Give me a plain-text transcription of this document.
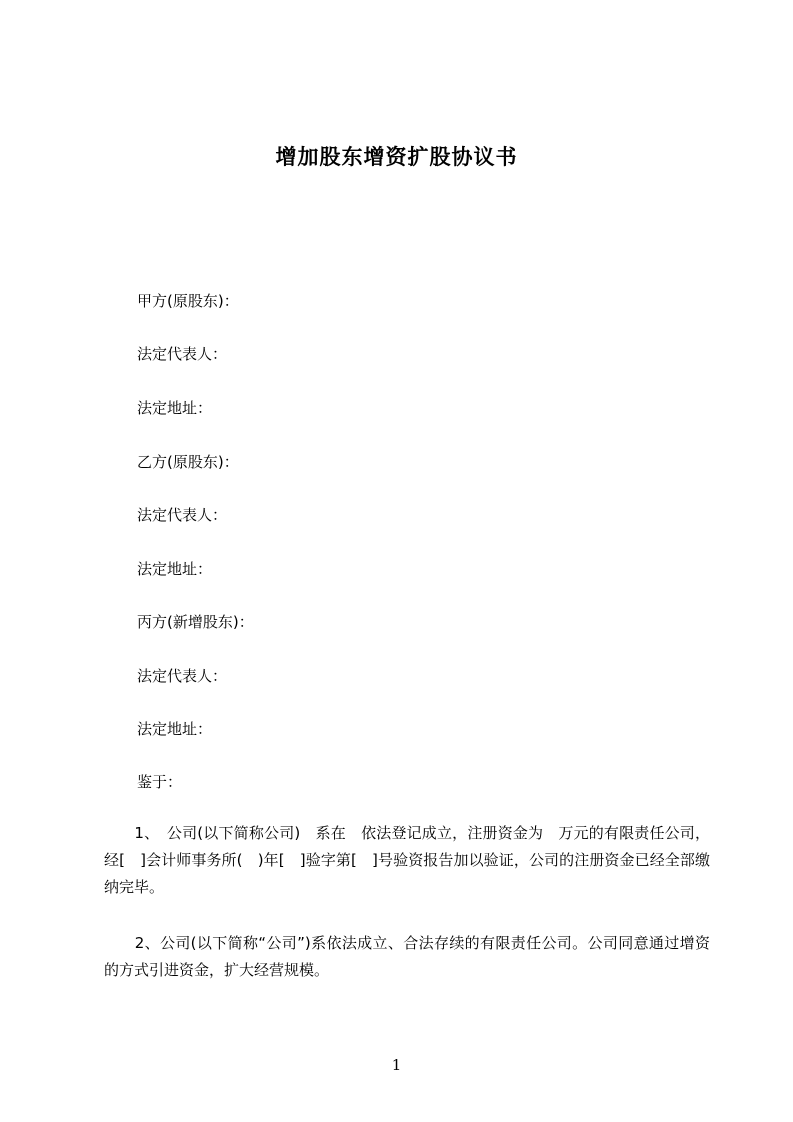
增加股东增资扩股协议书
甲方(原股东)：
法定代表人：
法定地址：
乙方(原股东)：
法定代表人：
法定地址：
丙方(新增股东)：
法定代表人：
法定地址：
鉴于：
　　1、　公司(以下简称公司)　系在　依法登记成立，注册资金为　万元的有限责任公司，经[　]会计师事务所(　)年[　]验字第[　]号验资报告加以验证，公司的注册资金已经全部缴纳完毕。
　　2、公司(以下简称“公司”)系依法成立、合法存续的有限责任公司。公司同意通过增资的方式引进资金，扩大经营规模。
1
